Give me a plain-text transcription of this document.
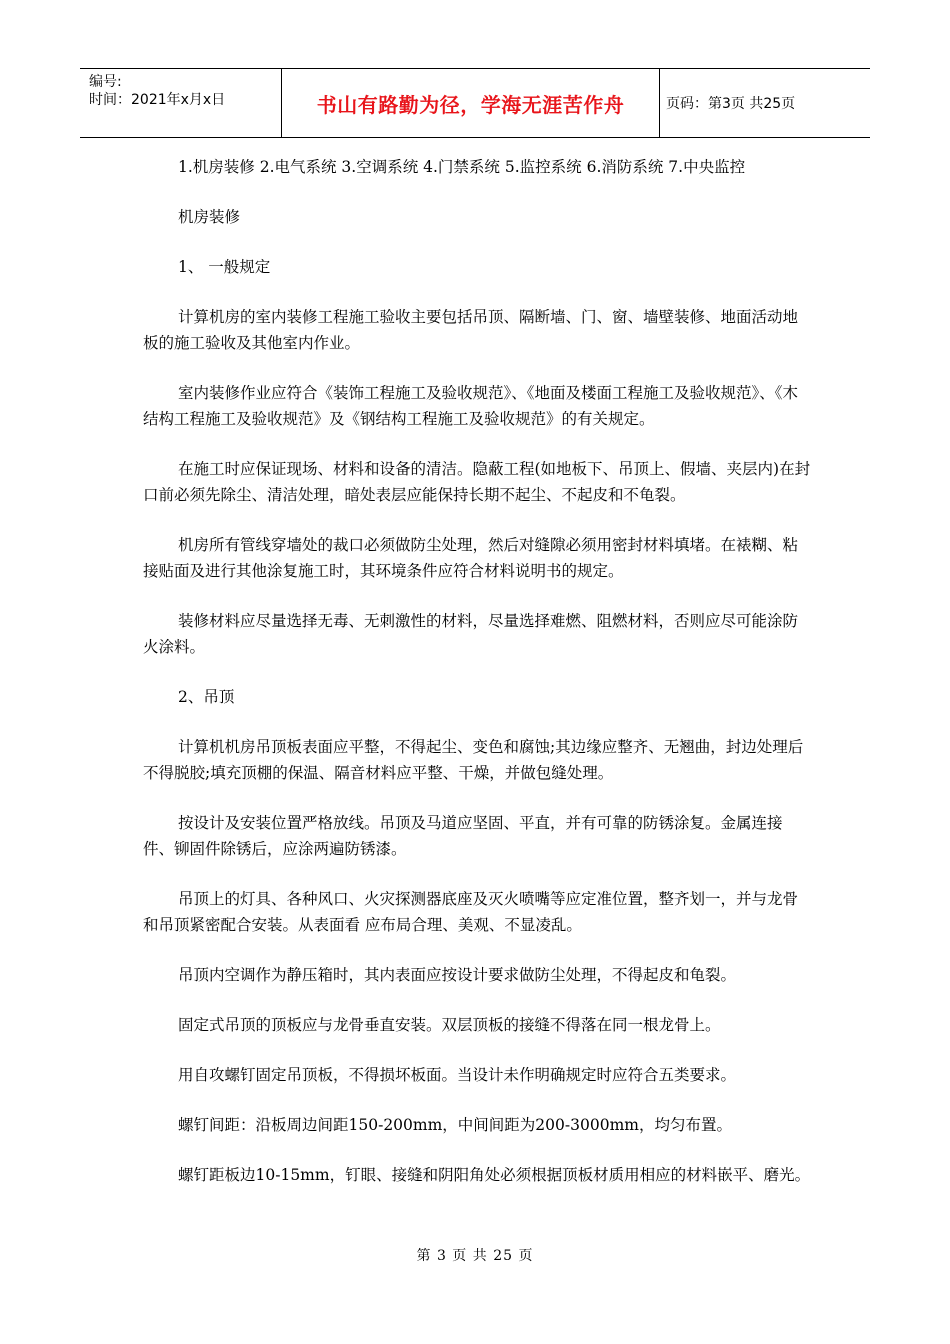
编号:
时间：2021年x月x日	书山有路勤为径，学海无涯苦作舟	页码：第3页 共25页

1.机房装修 2.电气系统 3.空调系统 4.门禁系统 5.监控系统 6.消防系统 7.中央监控

机房装修

1、 一般规定

计算机房的室内装修工程施工验收主要包括吊顶、隔断墙、门、窗、墙壁装修、地面活动地板的施工验收及其他室内作业。

室内装修作业应符合《装饰工程施工及验收规范》、《地面及楼面工程施工及验收规范》、《木结构工程施工及验收规范》及《钢结构工程施工及验收规范》的有关规定。

在施工时应保证现场、材料和设备的清洁。隐蔽工程(如地板下、吊顶上、假墙、夹层内)在封口前必须先除尘、清洁处理，暗处表层应能保持长期不起尘、不起皮和不龟裂。

机房所有管线穿墙处的裁口必须做防尘处理，然后对缝隙必须用密封材料填堵。在裱糊、粘接贴面及进行其他涂复施工时，其环境条件应符合材料说明书的规定。

装修材料应尽量选择无毒、无刺激性的材料，尽量选择难燃、阻燃材料，否则应尽可能涂防火涂料。

2、吊顶

计算机机房吊顶板表面应平整，不得起尘、变色和腐蚀;其边缘应整齐、无翘曲，封边处理后不得脱胶;填充顶棚的保温、隔音材料应平整、干燥，并做包缝处理。

按设计及安装位置严格放线。吊顶及马道应坚固、平直，并有可靠的防锈涂复。金属连接件、铆固件除锈后，应涂两遍防锈漆。

吊顶上的灯具、各种风口、火灾探测器底座及灭火喷嘴等应定准位置，整齐划一，并与龙骨和吊顶紧密配合安装。从表面看 应布局合理、美观、不显凌乱。

吊顶内空调作为静压箱时，其内表面应按设计要求做防尘处理，不得起皮和龟裂。

固定式吊顶的顶板应与龙骨垂直安装。双层顶板的接缝不得落在同一根龙骨上。

用自攻螺钉固定吊顶板，不得损坏板面。当设计未作明确规定时应符合五类要求。

螺钉间距：沿板周边间距150-200mm，中间间距为200-3000mm，均匀布置。

螺钉距板边10-15mm，钉眼、接缝和阴阳角处必须根据顶板材质用相应的材料嵌平、磨光。

第 3 页 共 25 页
